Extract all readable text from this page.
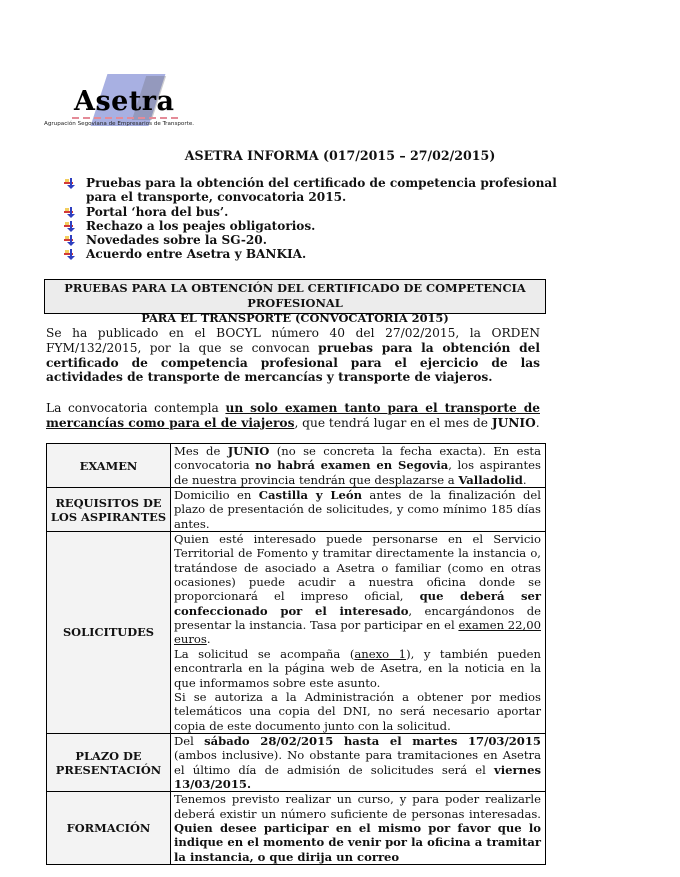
Asetra
Agrupación Segoviana de Empresarios de Transporte.
ASETRA INFORMA (017/2015 – 27/02/2015)
Pruebas para la obtención del certificado de competencia profesional para el transporte, convocatoria 2015.
Portal ‘hora del bus’.
Rechazo a los peajes obligatorios.
Novedades sobre la SG-20.
Acuerdo entre Asetra y BANKIA.
PRUEBAS PARA LA OBTENCIÓN DEL CERTIFICADO DE COMPETENCIA PROFESIONAL
PARA EL TRANSPORTE (CONVOCATORIA 2015)
Se ha publicado en el BOCYL número 40 del 27/02/2015, la ORDEN FYM/132/2015, por la que se convocan pruebas para la obtención del certificado de competencia profesional para el ejercicio de las actividades de transporte de mercancías y transporte de viajeros.
La convocatoria contempla un solo examen tanto para el transporte de mercancías como para el de viajeros, que tendrá lugar en el mes de JUNIO.
EXAMEN	Mes de JUNIO (no se concreta la fecha exacta). En esta convocatoria no habrá examen en Segovia, los aspirantes de nuestra provincia tendrán que desplazarse a Valladolid.
REQUISITOS DE LOS ASPIRANTES	Domicilio en Castilla y León antes de la finalización del plazo de presentación de solicitudes, y como mínimo 185 días antes.
SOLICITUDES	Quien esté interesado puede personarse en el Servicio Territorial de Fomento y tramitar directamente la instancia o, tratándose de asociado a Asetra o familiar (como en otras ocasiones) puede acudir a nuestra oficina donde se proporcionará el impreso oficial, que deberá ser confeccionado por el interesado, encargándonos de presentar la instancia. Tasa por participar en el examen 22,00 euros.
La solicitud se acompaña (anexo 1), y también pueden encontrarla en la página web de Asetra, en la noticia en la que informamos sobre este asunto.
Si se autoriza a la Administración a obtener por medios telemáticos una copia del DNI, no será necesario aportar copia de este documento junto con la solicitud.

PLAZO DE PRESENTACIÓN	Del sábado 28/02/2015 hasta el martes 17/03/2015 (ambos inclusive). No obstante para tramitaciones en Asetra el último día de admisión de solicitudes será el viernes 13/03/2015.
FORMACIÓN	Tenemos previsto realizar un curso, y para poder realizarle deberá existir un número suficiente de personas interesadas. Quien desee participar en el mismo por favor que lo indique en el momento de venir por la oficina a tramitar la instancia, o que dirija un correo
